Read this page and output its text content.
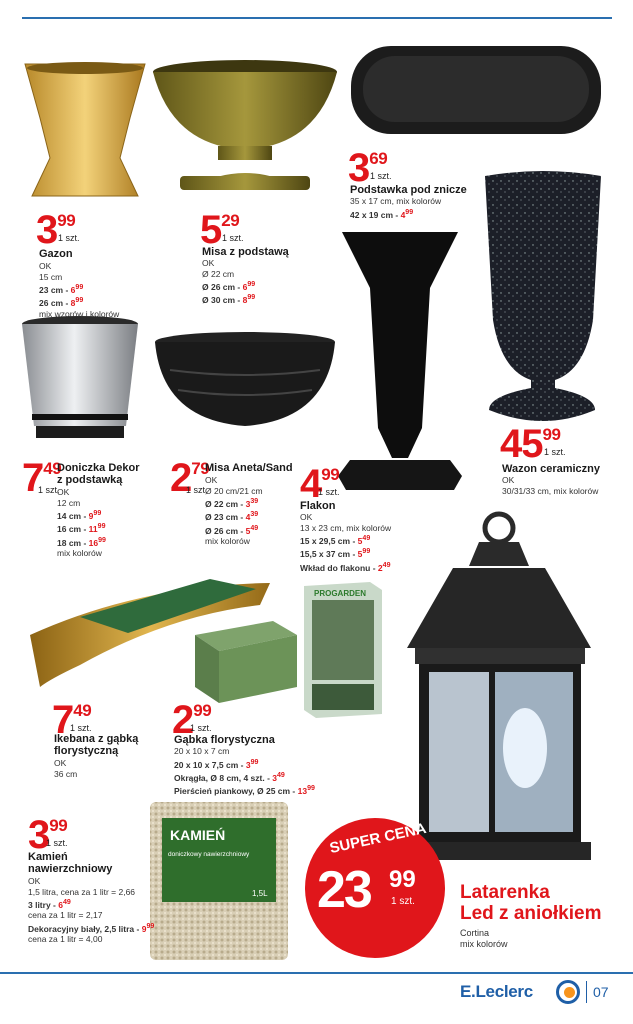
PROGARDEN
KAMIEŃ
doniczkowy nawierzchniowy
1,5L
399
1 szt.
Gazon
OK
15 cm
23 cm - $6^{99}$
26 cm - $8^{99}$
mix wzorów i kolorów
529
1 szt.
Misa z podstawą
OK
Ø 22 cm
Ø 26 cm - $6^{99}$
Ø 30 cm - $8^{99}$
369
1 szt.
Podstawka pod znicze
35 x 17 cm, mix kolorów
42 x 19 cm - $4^{99}$
749
1 szt.
Doniczka Dekor
z podstawką
OK
12 cm
14 cm - $9^{99}$
16 cm - $11^{99}$
18 cm - $16^{99}$
mix kolorów
279
1 szt.
Misa Aneta/Sand
OK
Ø 20 cm/21 cm
Ø 22 cm - $3^{39}$
Ø 23 cm - $4^{39}$
Ø 26 cm - $5^{49}$
mix kolorów
499
1 szt.
Flakon
OK
13 x 23 cm, mix kolorów
15 x 29,5 cm - $5^{49}$
15,5 x 37 cm - $5^{99}$
Wkład do flakonu - $2^{49}$
4599
1 szt.
Wazon ceramiczny
OK
30/31/33 cm, mix kolorów
749
1 szt.
Ikebana z gąbką
florystyczną
OK
36 cm
299
1 szt.
Gąbka florystyczna
20 x 10 x 7 cm
20 x 10 x 7,5 cm - $3^{99}$
Okrągła, Ø 8 cm, 4 szt. - $3^{49}$
Pierścień piankowy, Ø 25 cm - $13^{99}$
399
1 szt.
Kamień
nawierzchniowy
OK
1,5 litra, cena za 1 litr = 2,66
3 litry - $6^{49}$
cena za 1 litr = 2,17
Dekoracyjny biały, 2,5 litra - $9^{99}$
cena za 1 litr = 4,00
SUPER CENA
23 99
1 szt. Latarenka
Led z aniołkiem
Cortina
mix kolorów
E.Leclerc	07
